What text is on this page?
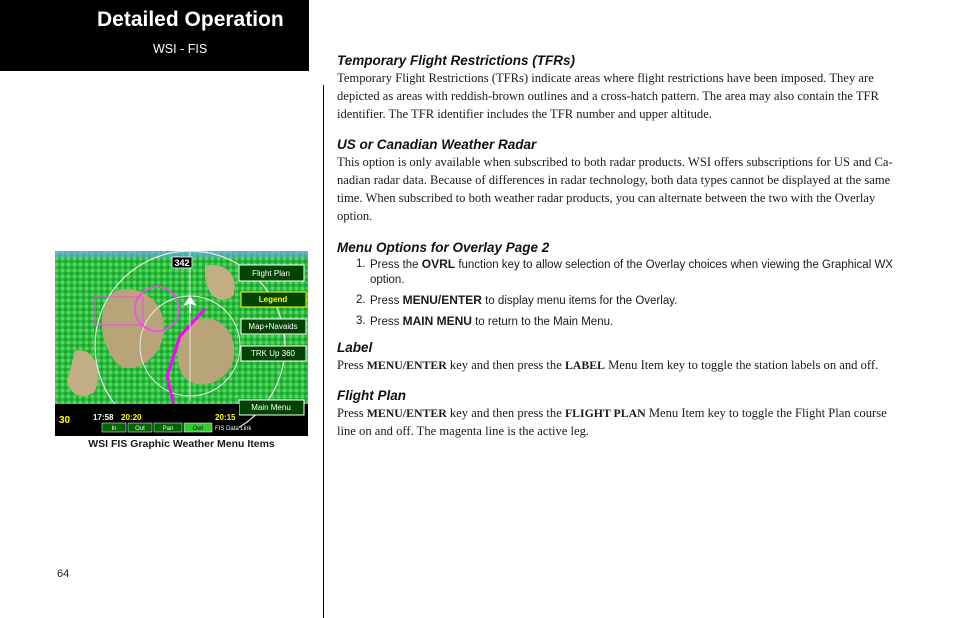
Detailed Operation
WSI - FIS
Temporary Flight Restrictions (TFRs)

Temporary Flight Restrictions (TFRs) indicate areas where flight restrictions have been imposed. They are
depicted as areas with reddish-brown outlines and a cross-hatch pattern. The area may also contain the TFR
identifier. The TFR identifier includes the TFR number and upper altitude.

US or Canadian Weather Radar

This option is only available when subscribed to both radar products. WSI offers subscriptions for US and Ca-
nadian radar data. Because of differences in radar technology, both data types cannot be displayed at the same
time. When subscribed to both weather radar products, you can alternate between the two with the Overlay
option.

Menu Options for Overlay Page 2
1. Press the OVRL function key to allow selection of the Overlay choices when viewing the Graphical WX
option.
2. Press MENU/ENTER to display menu items for the Overlay.
3. Press MAIN MENU to return to the Main Menu.
Label

Press MENU/ENTER key and then press the LABEL Menu Item key to toggle the station labels on and off.

Flight Plan

Press MENU/ENTER key and then press the FLIGHT PLAN Menu Item key to toggle the Flight Plan course
line on and off. The magenta line is the active leg.

342
Flight Plan
Legend
Map+Navaids
TRK Up 360
Main Menu
30	17:58 20:20	20:15
In	Out	Pan	Ovrl FIS Data Link
WSI FIS Graphic Weather Menu Items
64
